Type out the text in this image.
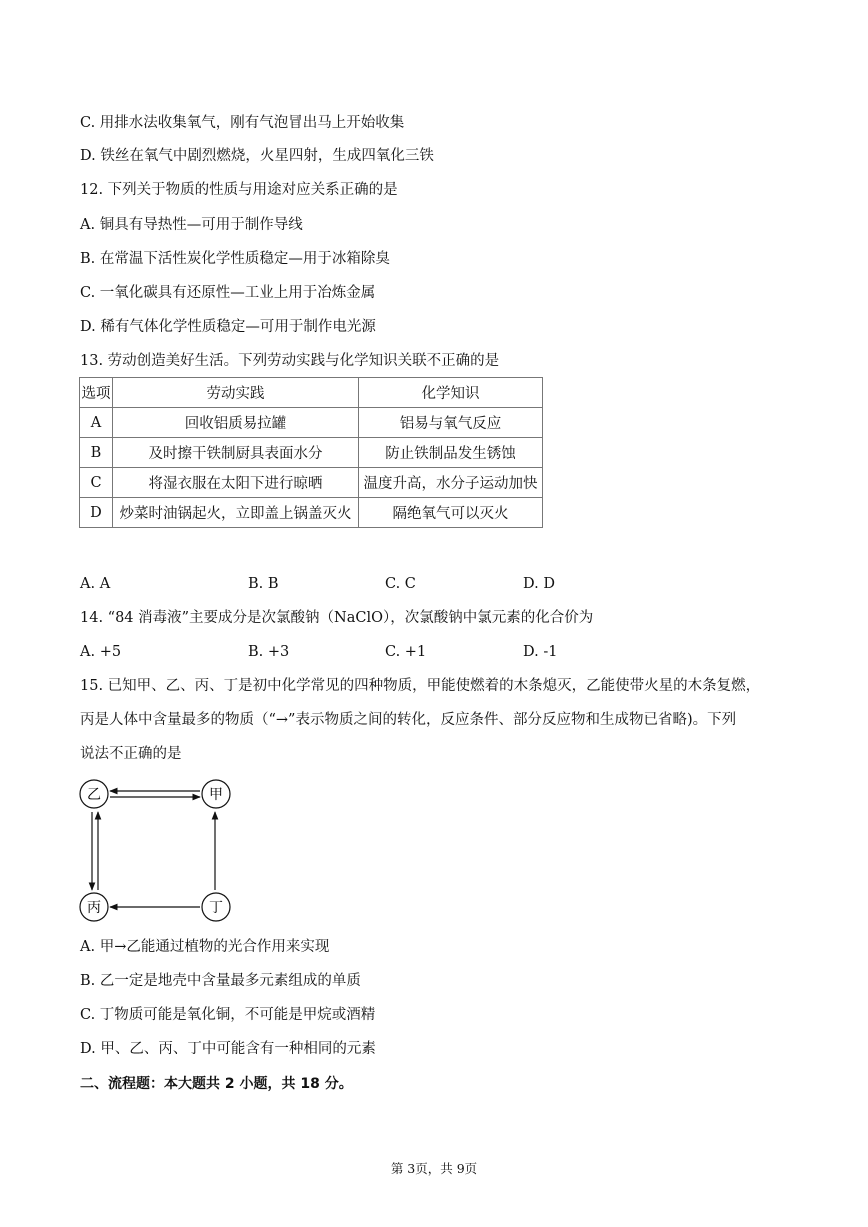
C. 用排水法收集氧气，刚有气泡冒出马上开始收集
D. 铁丝在氧气中剧烈燃烧，火星四射，生成四氧化三铁
12. 下列关于物质的性质与用途对应关系正确的是
A. 铜具有导热性—可用于制作导线
B. 在常温下活性炭化学性质稳定—用于冰箱除臭
C. 一氧化碳具有还原性—工业上用于冶炼金属
D. 稀有气体化学性质稳定—可用于制作电光源
13. 劳动创造美好生活。下列劳动实践与化学知识关联不正确的是
选项	劳动实践	化学知识
A	回收铝质易拉罐	铝易与氧气反应
B	及时擦干铁制厨具表面水分	防止铁制品发生锈蚀
C	将湿衣服在太阳下进行晾晒	温度升高，水分子运动加快
D	炒菜时油锅起火，立即盖上锅盖灭火	隔绝氧气可以灭火
A. A	B. B	C. C	D. D
14. “84 消毒液”主要成分是次氯酸钠（NaClO），次氯酸钠中氯元素的化合价为
A. +5	B. +3	C. +1	D. -1
15. 已知甲、乙、丙、丁是初中化学常见的四种物质，甲能使燃着的木条熄灭，乙能使带火星的木条复燃，
丙是人体中含量最多的物质（“→”表示物质之间的转化，反应条件、部分反应物和生成物已省略)。下列
说法不正确的是
乙	甲
丙	丁
A. 甲→乙能通过植物的光合作用来实现
B. 乙一定是地壳中含量最多元素组成的单质
C. 丁物质可能是氧化铜，不可能是甲烷或酒精
D. 甲、乙、丙、丁中可能含有一种相同的元素
二、流程题：本大题共 2 小题，共 18 分。
第 3页，共 9页
